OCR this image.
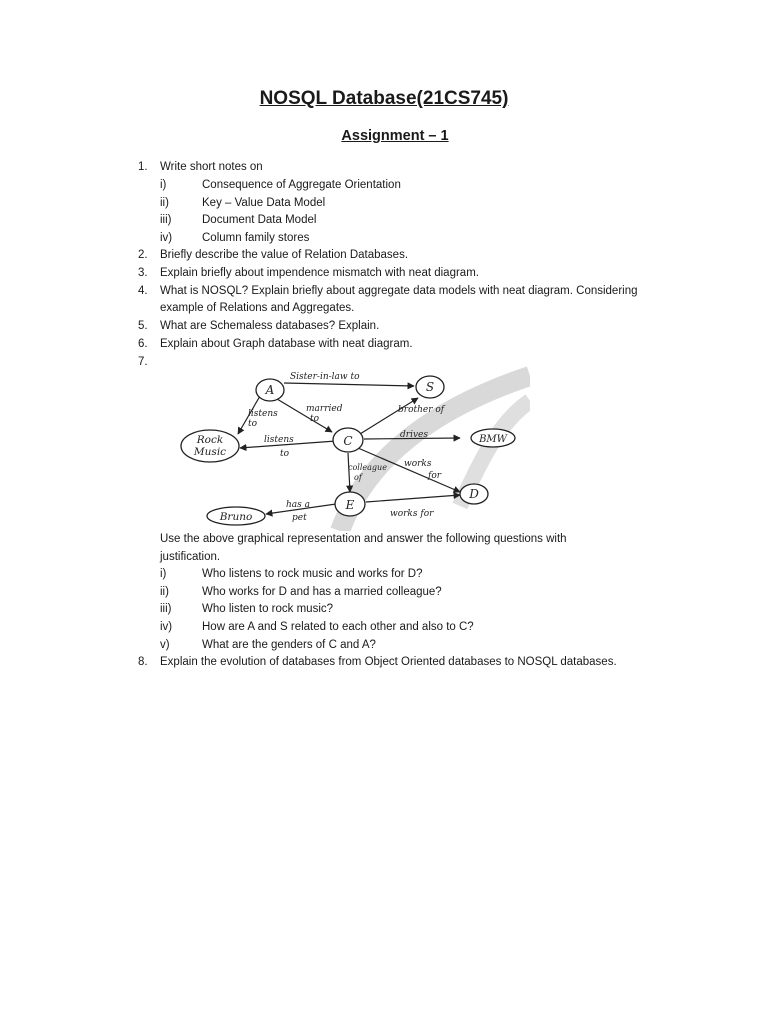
NOSQL Database(21CS745)
Assignment – 1
1. Write short notes on
i)	Consequence of Aggregate Orientation
ii)	Key – Value Data Model
iii)	Document Data Model
iv)	Column family stores
2. Briefly describe the value of Relation Databases.
3. Explain briefly about impendence mismatch with neat diagram.
4. What is NOSQL? Explain briefly about aggregate data models with neat diagram. Considering
example of Relations and Aggregates.
5. What are Schemaless databases? Explain.
6. Explain about Graph database with neat diagram.
7.
A	S
C
E
D
Rock
Music
BMW
Bruno
Sister-in-law to
listens
to
married
to
brother of
listens
to
drives
works
for
colleague
of
has a
pet	works for
Use the above graphical representation and answer the following questions with
justification.
i)	Who listens to rock music and works for D?
ii)	Who works for D and has a married colleague?
iii)	Who listen to rock music?
iv)	How are A and S related to each other and also to C?
v)	What are the genders of C and A?
8. Explain the evolution of databases from Object Oriented databases to NOSQL databases.
